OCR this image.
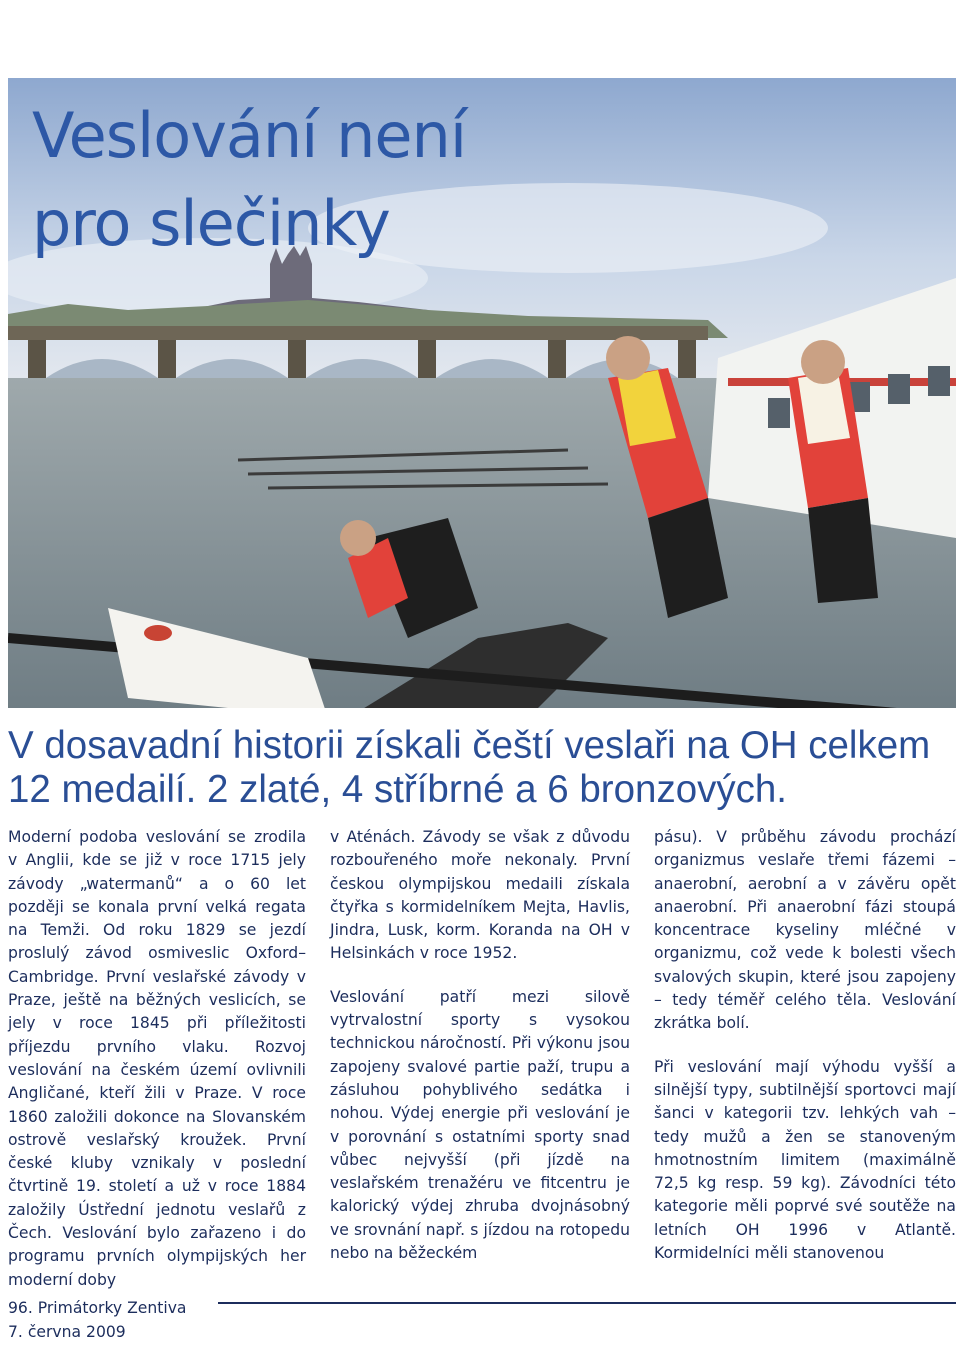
Veslování není
pro slečinky

V dosavadní historii získali čeští veslaři na OH celkem 12 medailí. 2 zlaté, 4 stříbrné a 6 bronzových.

Moderní podoba veslování se zrodila v Anglii, kde se již v roce 1715 jely závody „watermanů“ a o 60 let později se konala první velká regata na Temži. Od roku 1829 se jezdí proslulý závod osmiveslic Oxford–Cambridge. První veslařské závody v Praze, ještě na běžných veslicích, se jely v roce 1845 při příležitosti příjezdu prvního vlaku. Rozvoj veslování na českém území ovlivnili Angličané, kteří žili v Praze. V roce 1860 založili dokonce na Slovanském ostrově veslařský kroužek. První české kluby vznikaly v poslední čtvrtině 19. století a už v roce 1884 založily Ústřední jednotu veslařů z Čech. Veslování bylo zařazeno i do programu prvních olympijských her moderní doby

v Aténách. Závody se však z důvodu rozbouřeného moře nekonaly. První českou olympijskou medaili získala čtyřka s kormidelníkem Mejta, Havlis, Jindra, Lusk, korm. Koranda na OH v Helsinkách v roce 1952.

Veslování patří mezi silově vytrvalostní sporty s vysokou technickou náročností. Při výkonu jsou zapojeny svalové partie paží, trupu a zásluhou pohyblivého sedátka i nohou. Výdej energie při veslování je v porovnání s ostatními sporty snad vůbec nejvyšší (při jízdě na veslařském trenažéru ve fitcentru je kalorický výdej zhruba dvojnásobný ve srovnání např. s jízdou na rotopedu nebo na běžeckém

pásu). V průběhu závodu prochází organizmus veslaře třemi fázemi – anaerobní, aerobní a v závěru opět anaerobní. Při anaerobní fázi stoupá koncentrace kyseliny mléčné v organizmu, což vede k bolesti všech svalových skupin, které jsou zapojeny – tedy téměř celého těla. Veslování zkrátka bolí.

Při veslování mají výhodu vyšší a silnější typy, subtilnější sportovci mají šanci v kategorii tzv. lehkých vah – tedy mužů a žen se stanoveným hmotnostním limitem (maximálně 72,5 kg resp. 59 kg). Závodníci této kategorie měli poprvé své soutěže na letních OH 1996 v Atlantě. Kormidelníci měli stanovenou

96. Primátorky Zentiva
7. června 2009
